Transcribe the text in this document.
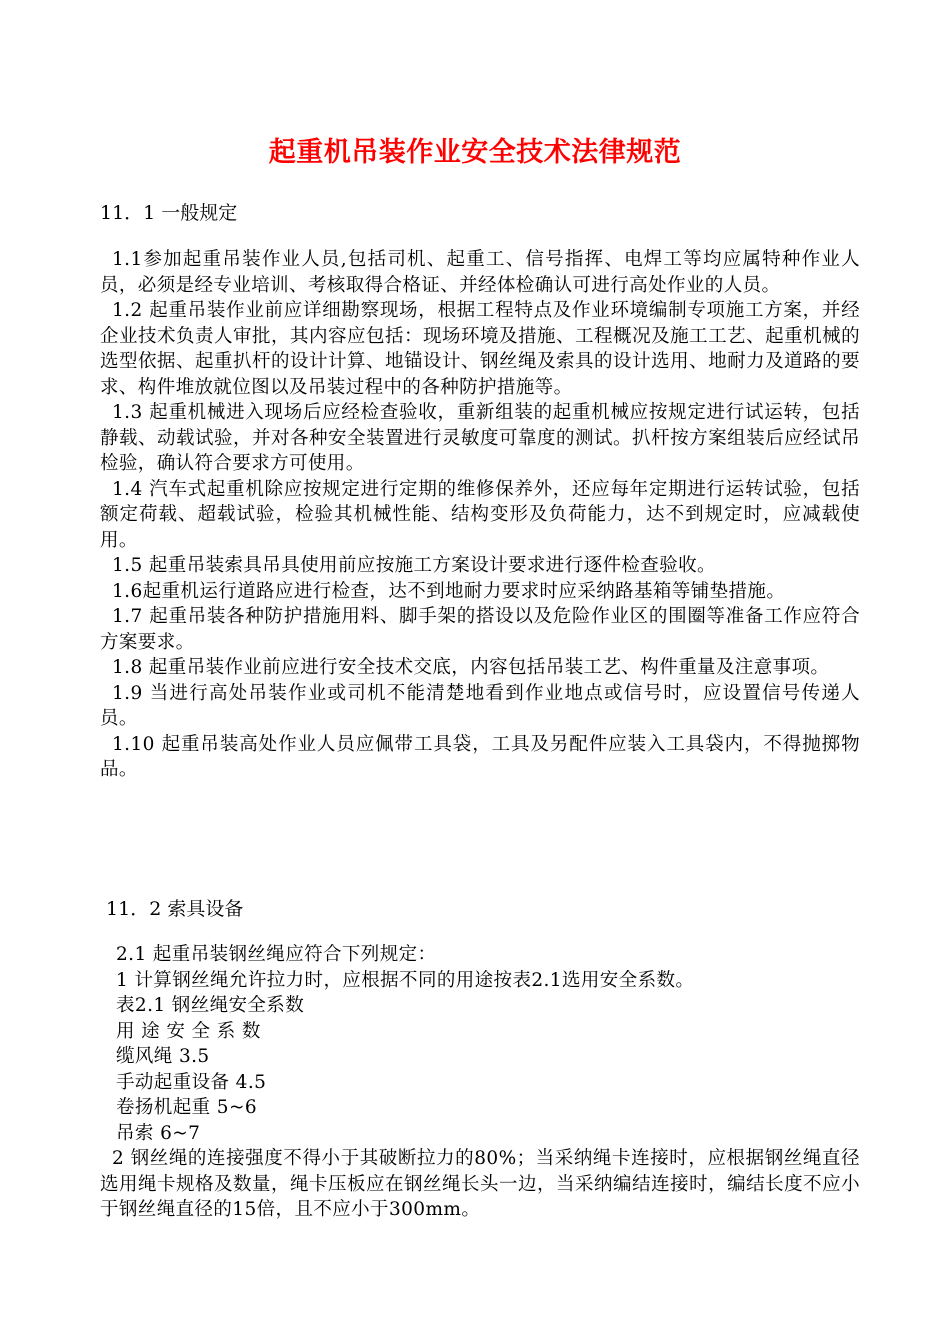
起重机吊装作业安全技术法律规范
11．1 一般规定

1.1参加起重吊装作业人员,包括司机、起重工、信号指挥、电焊工等均应属特种作业人员，必须是经专业培训、考核取得合格证、并经体检确认可进行高处作业的人员。

1.2 起重吊装作业前应详细勘察现场，根据工程特点及作业环境编制专项施工方案，并经企业技术负责人审批，其内容应包括：现场环境及措施、工程概况及施工工艺、起重机械的选型依据、起重扒杆的设计计算、地锚设计、钢丝绳及索具的设计选用、地耐力及道路的要求、构件堆放就位图以及吊装过程中的各种防护措施等。

1.3 起重机械进入现场后应经检查验收，重新组装的起重机械应按规定进行试运转，包括静载、动载试验，并对各种安全装置进行灵敏度可靠度的测试。扒杆按方案组装后应经试吊检验，确认符合要求方可使用。

1.4 汽车式起重机除应按规定进行定期的维修保养外，还应每年定期进行运转试验，包括额定荷载、超载试验，检验其机械性能、结构变形及负荷能力，达不到规定时，应减载使用。

1.5 起重吊装索具吊具使用前应按施工方案设计要求进行逐件检查验收。

1.6起重机运行道路应进行检查，达不到地耐力要求时应采纳路基箱等铺垫措施。

1.7 起重吊装各种防护措施用料、脚手架的搭设以及危险作业区的围圈等准备工作应符合方案要求。

1.8 起重吊装作业前应进行安全技术交底，内容包括吊装工艺、构件重量及注意事项。

1.9 当进行高处吊装作业或司机不能清楚地看到作业地点或信号时，应设置信号传递人员。

1.10 起重吊装高处作业人员应佩带工具袋，工具及另配件应装入工具袋内，不得抛掷物品。

11．2 索具设备

2.1 起重吊装钢丝绳应符合下列规定：

1 计算钢丝绳允许拉力时，应根据不同的用途按表2.1选用安全系数。

表2.1 钢丝绳安全系数

用 途 安 全 系 数

缆风绳 3.5

手动起重设备 4.5

卷扬机起重 5~6

吊索 6~7

2 钢丝绳的连接强度不得小于其破断拉力的80%；当采纳绳卡连接时，应根据钢丝绳直径选用绳卡规格及数量，绳卡压板应在钢丝绳长头一边，当采纳编结连接时，编结长度不应小于钢丝绳直径的15倍，且不应小于300mm。
